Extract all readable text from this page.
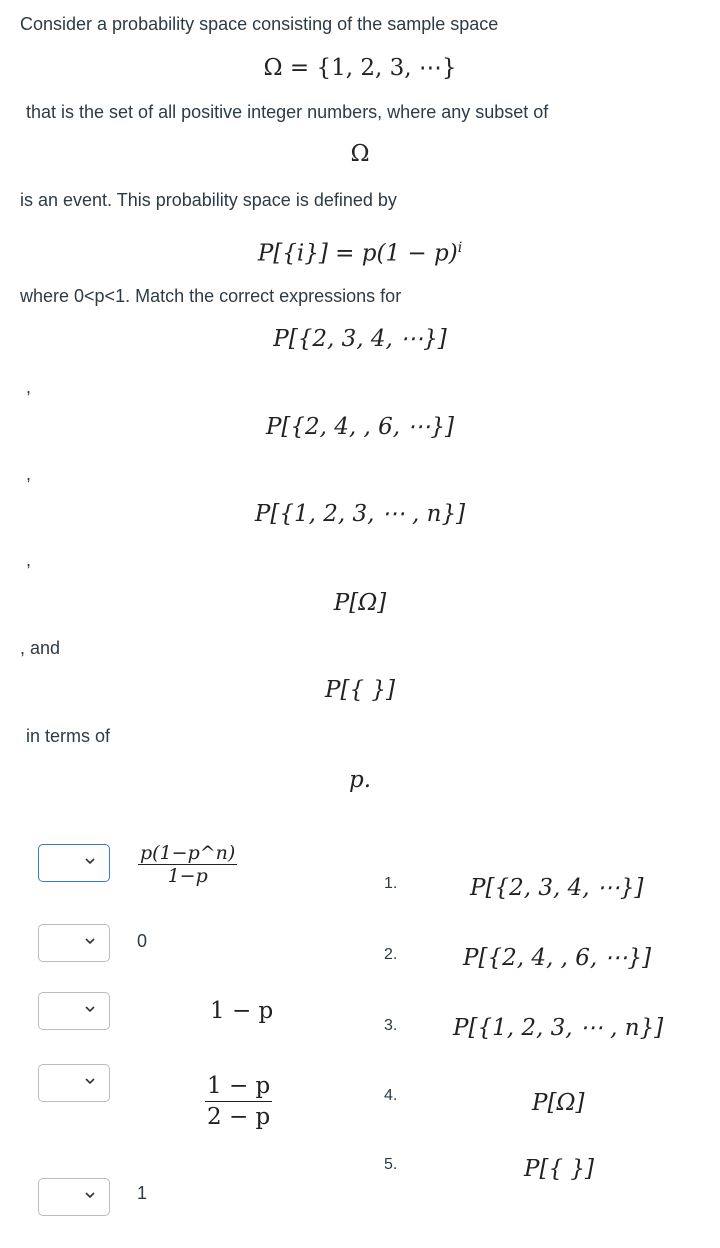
Consider a probability space consisting of the sample space
Ω = {1, 2, 3, ⋯}
that is the set of all positive integer numbers, where any subset of
Ω
is an event. This probability space is defined by
$P[\{i\}] = p(1 - p)^i$
where 0<p<1. Match the correct expressions for
P[{2, 3, 4, ⋯}]
,
P[{2, 4, , 6, ⋯}]
,
P[{1, 2, 3, ⋯ , n}]
,
P[Ω]
, and
P[{ }]
in terms of
p.
$\frac{p(1-p\^{}n)}{1-p}$
0
1 − p
$\frac{1 - p}{2 - p}$
1
1.	P[{2, 3, 4, ⋯}]
2.	P[{2, 4, , 6, ⋯}]
3. P[{1, 2, 3, ⋯ , n}]
4.	P[Ω]
5.	P[{ }]
